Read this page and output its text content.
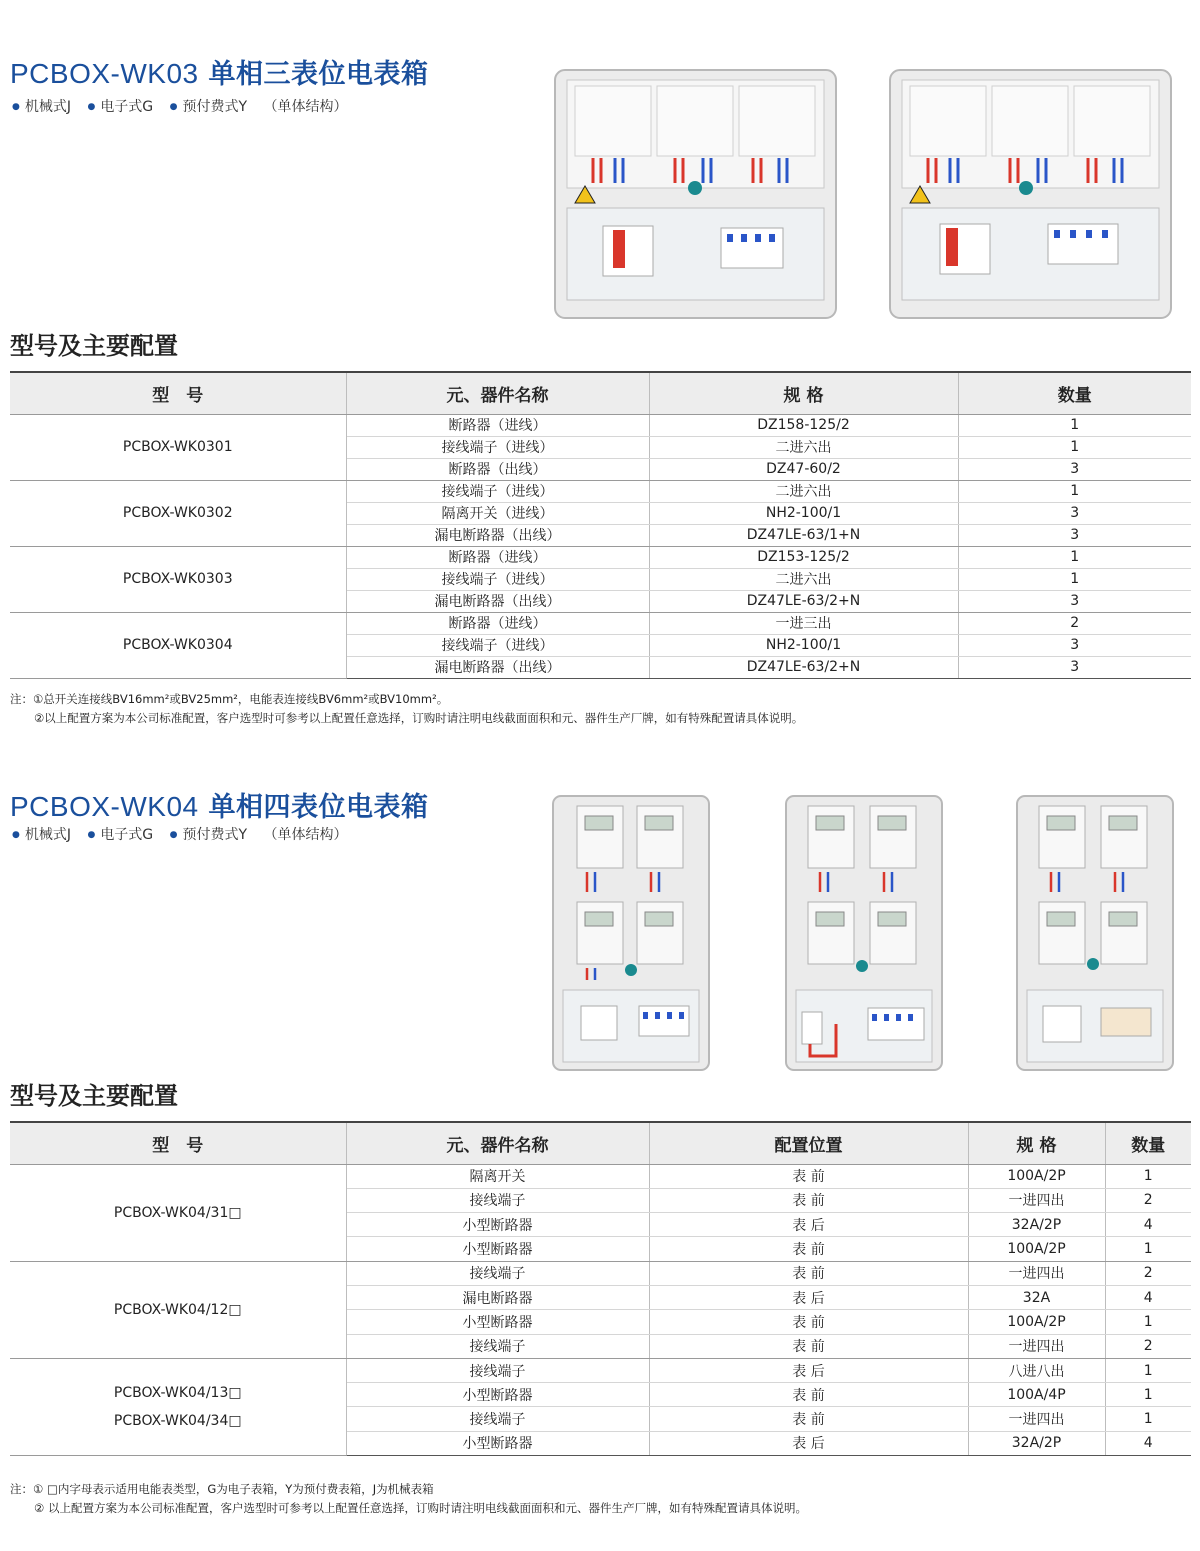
PCBOX-WK03 单相三表位电表箱
● 机械式J ● 电子式G ● 预付费式Y （单体结构）
型号及主要配置
型　号	元、器件名称	规 格	数量
PCBOX-WK0301	断路器（进线）	DZ158-125/2	1
	接线端子（进线）	二进六出	1
	断路器（出线）	DZ47-60/2	3
PCBOX-WK0302	接线端子（进线）	二进六出	1
	隔离开关（进线）	NH2-100/1	3
	漏电断路器（出线）	DZ47LE-63/1+N	3
PCBOX-WK0303	断路器（进线）	DZ153-125/2	1
	接线端子（进线）	二进六出	1
	漏电断路器（出线）	DZ47LE-63/2+N	3
PCBOX-WK0304	断路器（进线）	一进三出	2
	接线端子（进线）	NH2-100/1	3
	漏电断路器（出线）	DZ47LE-63/2+N	3
注：①总开关连接线BV16mm²或BV25mm²，电能表连接线BV6mm²或BV10mm²。
②以上配置方案为本公司标准配置，客户选型时可参考以上配置任意选择，订购时请注明电线截面面积和元、器件生产厂牌，如有特殊配置请具体说明。
PCBOX-WK04 单相四表位电表箱
● 机械式J ● 电子式G ● 预付费式Y （单体结构）
型号及主要配置
型　号	元、器件名称	配置位置	规 格	数量
PCBOX-WK04/31□	隔离开关	表 前	100A/2P	1
	接线端子	表 前	一进四出	2
	小型断路器	表 后	32A/2P	4
	小型断路器	表 前	100A/2P	1
PCBOX-WK04/12□	接线端子	表 前	一进四出	2
	漏电断路器	表 后	32A	4
	小型断路器	表 前	100A/2P	1
	接线端子	表 前	一进四出	2

PCBOX-WK04/13□
PCBOX-WK04/34□	接线端子	表 后	八进八出	1
	小型断路器	表 前	100A/4P	1
	接线端子	表 前	一进四出	1
	小型断路器	表 后	32A/2P	4
注：① □内字母表示适用电能表类型，G为电子表箱，Y为预付费表箱，J为机械表箱
② 以上配置方案为本公司标准配置，客户选型时可参考以上配置任意选择，订购时请注明电线截面面积和元、器件生产厂牌，如有特殊配置请具体说明。
